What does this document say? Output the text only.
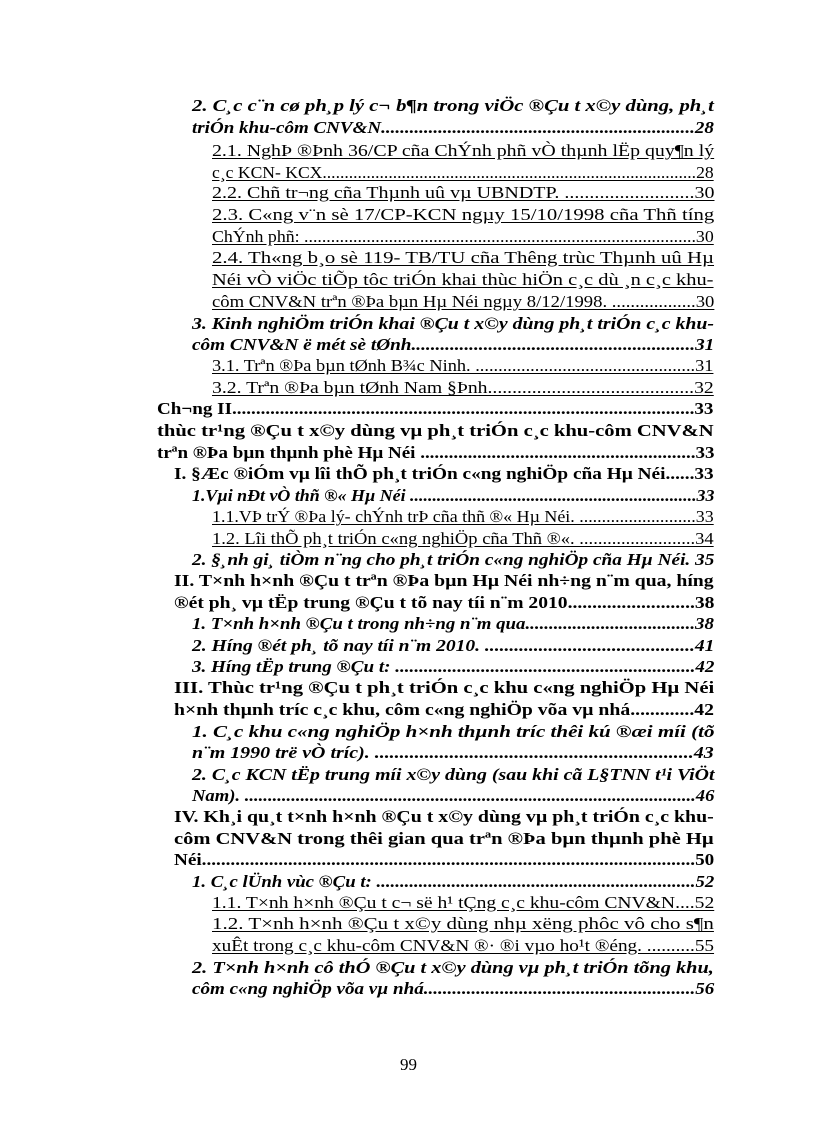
2. C¸c c¨n cø ph¸p lý c¬ b¶n trong viÖc ®Çu t x©y dùng, ph¸t
triÓn khu-côm CNV&N..................................................................28
2.1. NghÞ ®Þnh 36/CP cña ChÝnh phñ vÒ thµnh lËp quy¶n lý
c¸c KCN- KCX.....................................................................................28
2.2. Chñ tr¬ng cña Thµnh uû vµ UBNDTP. ..........................30
2.3. C«ng v¨n sè 17/CP-KCN ngµy 15/10/1998 cña Thñ tíng
ChÝnh phñ: ........................................................................................30
2.4. Th«ng b¸o sè 119- TB/TU cña Thêng trùc Thµnh uû Hµ
Néi vÒ viÖc tiÕp tôc triÓn khai thùc hiÖn c¸c dù ¸n c¸c khu-
côm CNV&N trªn ®Þa bµn Hµ Néi ngµy 8/12/1998. ..................30
3. Kinh nghiÖm triÓn khai ®Çu t x©y dùng ph¸t triÓn c¸c khu-
côm CNV&N ë mét sè tØnh...........................................................31
3.1. Trªn ®Þa bµn tØnh B¾c Ninh. ................................................31
3.2. Trªn ®Þa bµn tØnh Nam §Þnh..........................................32
Ch¬ng II.................................................................................................33
thùc tr¹ng ®Çu t x©y dùng vµ ph¸t triÓn c¸c khu-côm CNV&N
trªn ®Þa bµn thµnh phè Hµ Néi ..........................................................33
I. §Æc ®iÓm vµ lîi thÕ ph¸t triÓn c«ng nghiÖp cña Hµ Néi......33
1.Vµi nÐt vÒ thñ ®« Hµ Néi ................................................................33
1.1.VÞ trÝ ®Þa lý- chÝnh trÞ cña thñ ®« Hµ Néi. ..........................33
1.2. Lîi thÕ ph¸t triÓn c«ng nghiÖp cña Thñ ®«. .........................34
2. §¸nh gi¸ tiÒm n¨ng cho ph¸t triÓn c«ng nghiÖp cña Hµ Néi. 35
II. T×nh h×nh ®Çu t trªn ®Þa bµn Hµ Néi nh÷ng n¨m qua, híng
®ét ph¸ vµ tËp trung ®Çu t tõ nay tíi n¨m 2010..........................38
1. T×nh h×nh ®Çu t trong nh÷ng n¨m qua....................................38
2. Híng ®ét ph¸ tõ nay tíi n¨m 2010. ...........................................41
3. Híng tËp trung ®Çu t: ...............................................................42
III. Thùc tr¹ng ®Çu t ph¸t triÓn c¸c khu c«ng nghiÖp Hµ Néi
h×nh thµnh tríc c¸c khu, côm c«ng nghiÖp võa vµ nhá.............42
1. C¸c khu c«ng nghiÖp h×nh thµnh tríc thêi kú ®æi míi (tõ
n¨m 1990 trë vÒ tríc). ................................................................43
2. C¸c KCN tËp trung míi x©y dùng (sau khi cã L§TNN t¹i ViÖt
Nam). .................................................................................................46
IV. Kh¸i qu¸t t×nh h×nh ®Çu t x©y dùng vµ ph¸t triÓn c¸c khu-
côm CNV&N trong thêi gian qua trªn ®Þa bµn thµnh phè Hµ
Néi.......................................................................................................50
1. C¸c lÜnh vùc ®Çu t: ....................................................................52
1.1. T×nh h×nh ®Çu t c¬ së h¹ tÇng c¸c khu-côm CNV&N....52
1.2. T×nh h×nh ®Çu t x©y dùng nhµ xëng phôc vô cho s¶n
xuÊt trong c¸c khu-côm CNV&N ®· ®i vµo ho¹t ®éng. ..........55
2. T×nh h×nh cô thÓ ®Çu t x©y dùng vµ ph¸t triÓn tõng khu,
côm c«ng nghiÖp võa vµ nhá.........................................................56
99
